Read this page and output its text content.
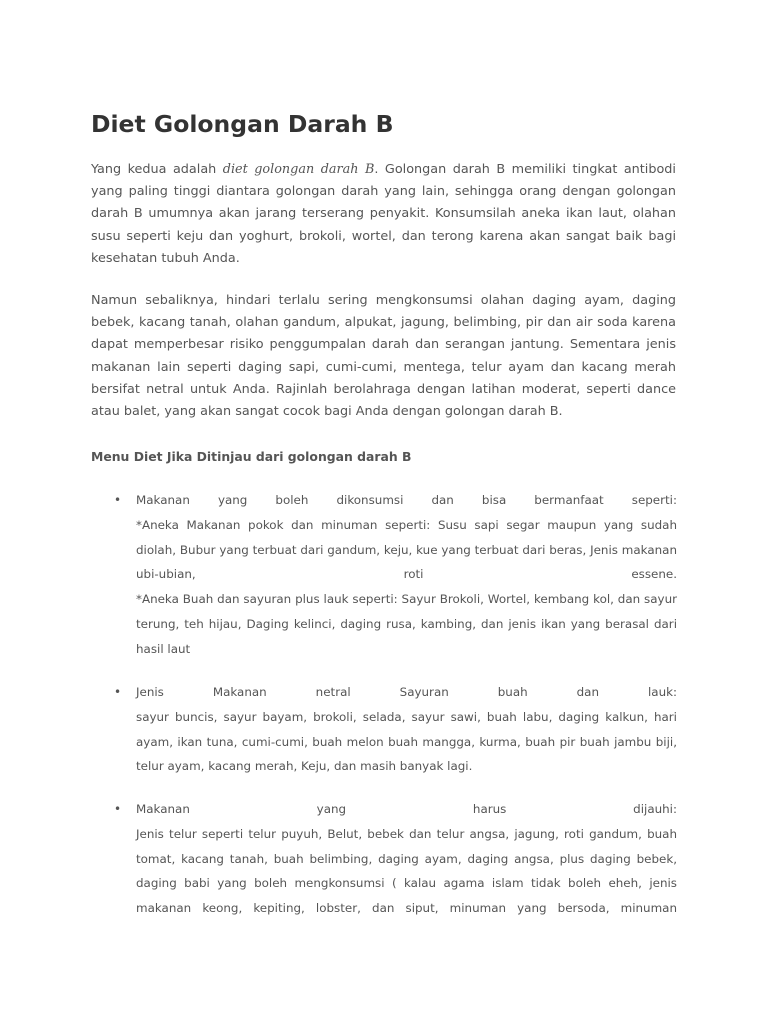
Diet Golongan Darah B

Yang kedua adalah diet golongan darah B. Golongan darah B memiliki tingkat antibodi yang paling tinggi diantara golongan darah yang lain, sehingga orang dengan golongan darah B umumnya akan jarang terserang penyakit. Konsumsilah aneka ikan laut, olahan susu seperti keju dan yoghurt, brokoli, wortel, dan terong karena akan sangat baik bagi kesehatan tubuh Anda.

Namun sebaliknya, hindari terlalu sering mengkonsumsi olahan daging ayam, daging bebek, kacang tanah, olahan gandum, alpukat, jagung, belimbing, pir dan air soda karena dapat memperbesar risiko penggumpalan darah dan serangan jantung. Sementara jenis makanan lain seperti daging sapi, cumi-cumi, mentega, telur ayam dan kacang merah bersifat netral untuk Anda. Rajinlah berolahraga dengan latihan moderat, seperti dance atau balet, yang akan sangat cocok bagi Anda dengan golongan darah B.

Menu Diet Jika Ditinjau dari golongan darah B

• Makanan yang boleh dikonsumsi dan bisa bermanfaat seperti:
*Aneka Makanan pokok dan minuman seperti: Susu sapi segar maupun yang sudah diolah, Bubur yang terbuat dari gandum, keju, kue yang terbuat dari beras, Jenis makanan ubi-ubian, roti essene.
*Aneka Buah dan sayuran plus lauk seperti: Sayur Brokoli, Wortel, kembang kol, dan sayur terung, teh hijau, Daging kelinci, daging rusa, kambing, dan jenis ikan yang berasal dari hasil laut
• Jenis Makanan netral Sayuran buah dan lauk:
sayur buncis, sayur bayam, brokoli, selada, sayur sawi, buah labu, daging kalkun, hari ayam, ikan tuna, cumi-cumi, buah melon buah mangga, kurma, buah pir buah jambu biji, telur ayam, kacang merah, Keju, dan masih banyak lagi.
• Makanan yang harus dijauhi:
Jenis telur seperti telur puyuh, Belut, bebek dan telur angsa, jagung, roti gandum, buah tomat, kacang tanah, buah belimbing, daging ayam, daging angsa, plus daging bebek, daging babi yang boleh mengkonsumsi ( kalau agama islam tidak boleh eheh, jenis makanan keong, kepiting, lobster, dan siput, minuman yang bersoda, minuman
